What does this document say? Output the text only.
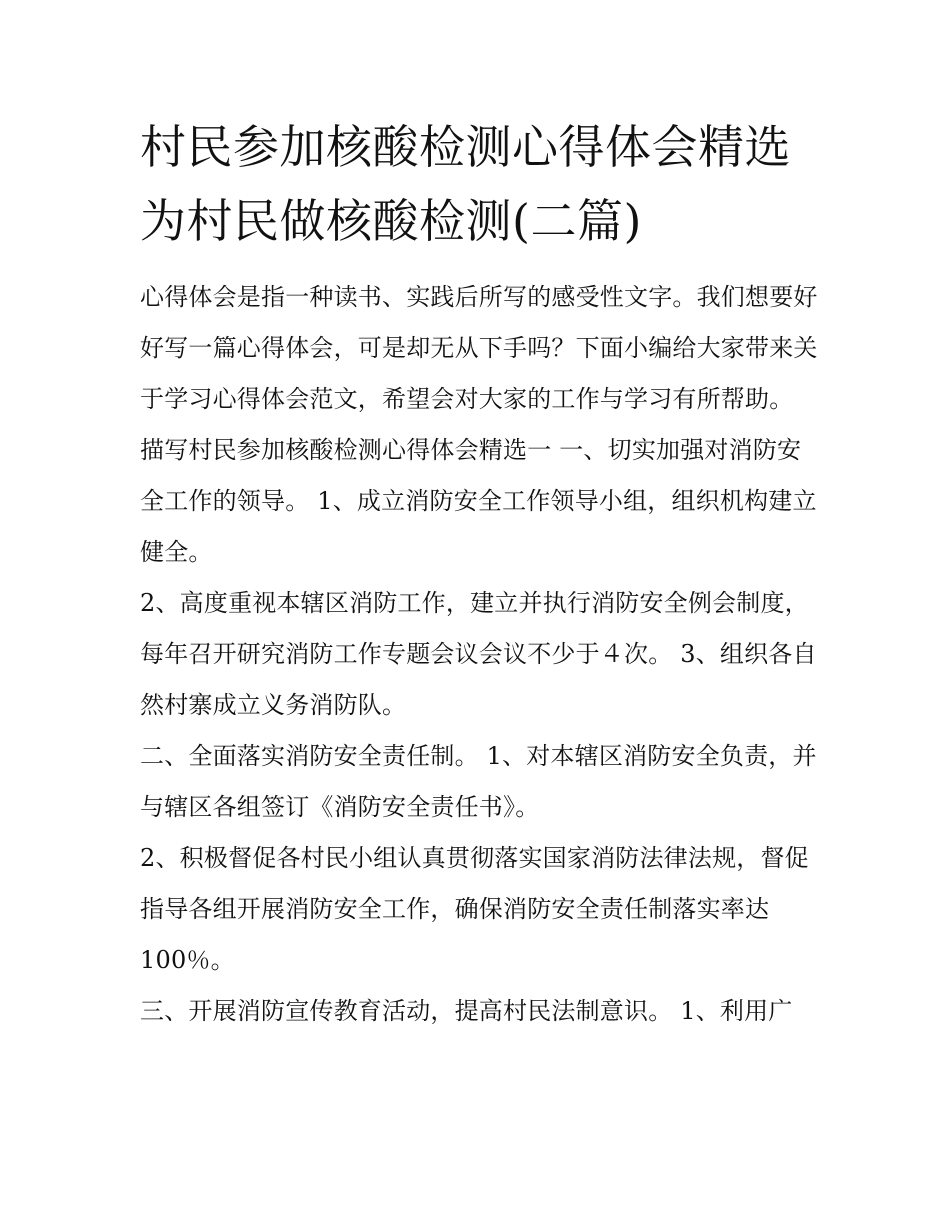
村民参加核酸检测心得体会精选 为村民做核酸检测(二篇)

心得体会是指一种读书、实践后所写的感受性文字。我们想要好好写一篇心得体会，可是却无从下手吗？下面小编给大家带来关于学习心得体会范文，希望会对大家的工作与学习有所帮助。

描写村民参加核酸检测心得体会精选一 一、切实加强对消防安全工作的领导。 1、成立消防安全工作领导小组，组织机构建立健全。

2、高度重视本辖区消防工作，建立并执行消防安全例会制度，每年召开研究消防工作专题会议会议不少于４次。 3、组织各自然村寨成立义务消防队。

二、全面落实消防安全责任制。 1、对本辖区消防安全负责，并与辖区各组签订《消防安全责任书》。

2、积极督促各村民小组认真贯彻落实国家消防法律法规，督促指导各组开展消防安全工作，确保消防安全责任制落实率达100％。

三、开展消防宣传教育活动，提高村民法制意识。 1、利用广
